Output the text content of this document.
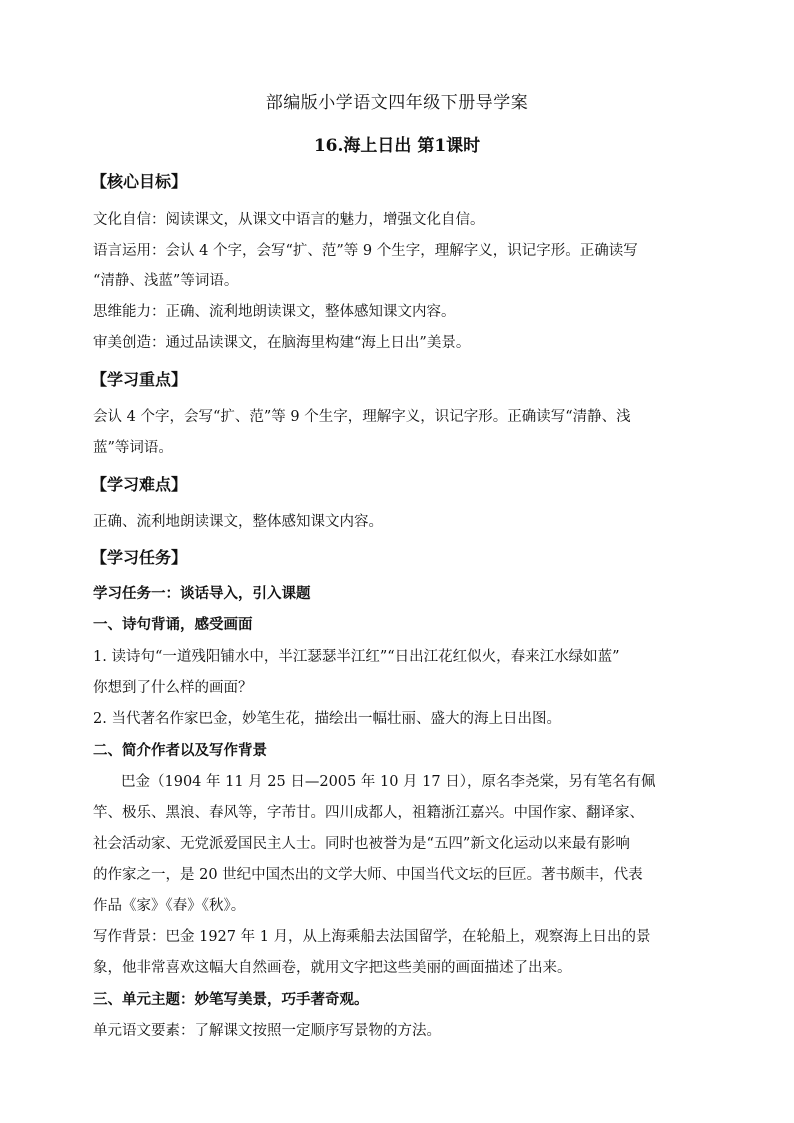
部编版小学语文四年级下册导学案
16.海上日出 第1课时
【核心目标】
文化自信：阅读课文，从课文中语言的魅力，增强文化自信。
语言运用：会认 4 个字，会写“扩、范”等 9 个生字，理解字义，识记字形。正确读写
“清静、浅蓝”等词语。
思维能力：正确、流利地朗读课文，整体感知课文内容。
审美创造：通过品读课文，在脑海里构建“海上日出”美景。
【学习重点】
会认 4 个字，会写“扩、范”等 9 个生字，理解字义，识记字形。正确读写“清静、浅
蓝”等词语。
【学习难点】
正确、流利地朗读课文，整体感知课文内容。
【学习任务】
学习任务一：谈话导入，引入课题
一、诗句背诵，感受画面
1. 读诗句“一道残阳铺水中，半江瑟瑟半江红”“日出江花红似火，春来江水绿如蓝”
你想到了什么样的画面？
2. 当代著名作家巴金，妙笔生花，描绘出一幅壮丽、盛大的海上日出图。
二、简介作者以及写作背景
巴金（1904 年 11 月 25 日—2005 年 10 月 17 日），原名李尧棠，另有笔名有佩
竿、极乐、黑浪、春风等，字芾甘。四川成都人，祖籍浙江嘉兴。中国作家、翻译家、
社会活动家、无党派爱国民主人士。同时也被誉为是“五四”新文化运动以来最有影响
的作家之一，是 20 世纪中国杰出的文学大师、中国当代文坛的巨匠。著书颇丰，代表
作品《家》《春》《秋》。
写作背景：巴金 1927 年 1 月，从上海乘船去法国留学，在轮船上，观察海上日出的景
象，他非常喜欢这幅大自然画卷，就用文字把这些美丽的画面描述了出来。
三、单元主题：妙笔写美景，巧手著奇观。
单元语文要素：了解课文按照一定顺序写景物的方法。
